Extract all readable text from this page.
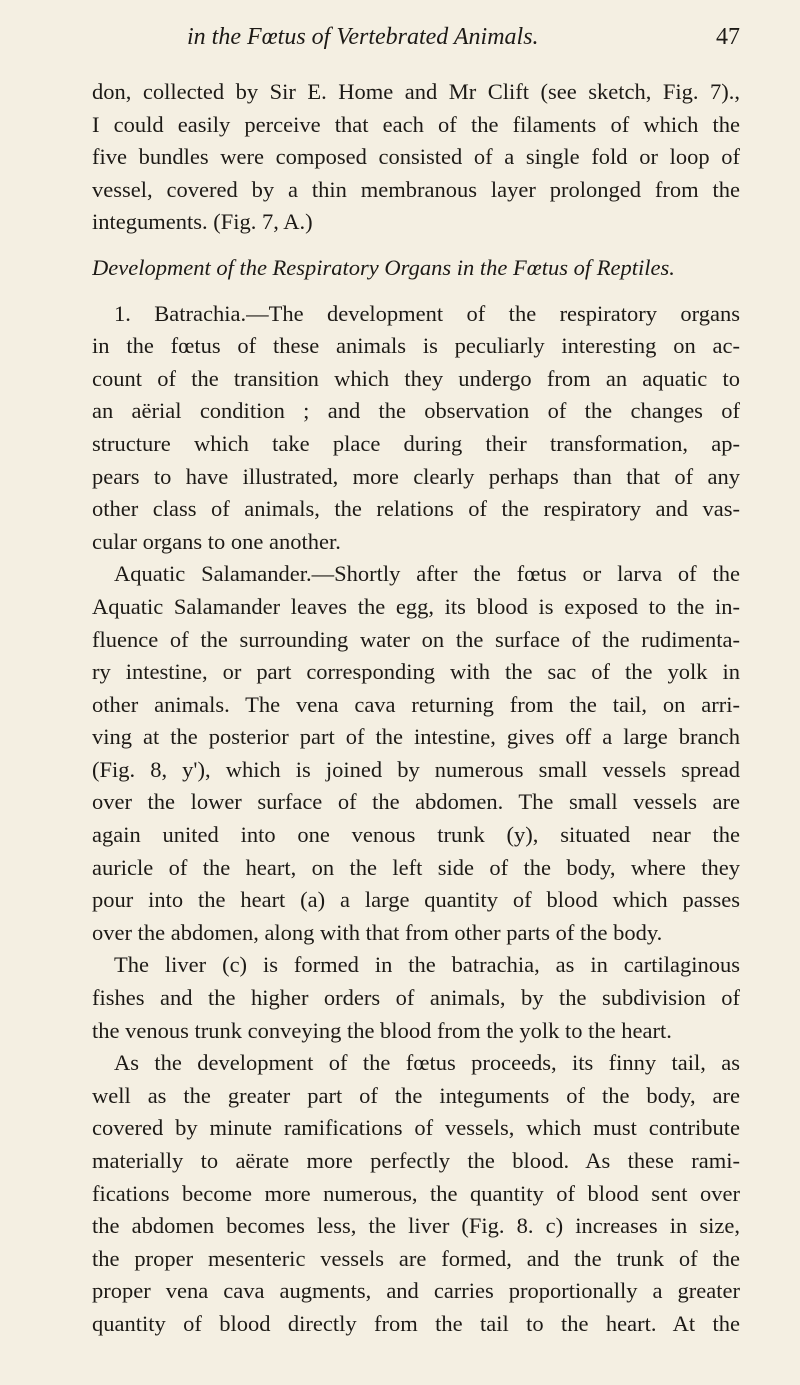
in the Fœtus of Vertebrated Animals.	47
don, collected by Sir E. Home and Mr Clift (see sketch, Fig. 7).,
I could easily perceive that each of the filaments of which the
five bundles were composed consisted of a single fold or loop of
vessel, covered by a thin membranous layer prolonged from the
integuments. (Fig. 7, A.)
Development of the Respiratory Organs in the Fœtus of Reptiles.
1. Batrachia.—The development of the respiratory organs
in the fœtus of these animals is peculiarly interesting on ac-
count of the transition which they undergo from an aquatic to
an aërial condition ; and the observation of the changes of
structure which take place during their transformation, ap-
pears to have illustrated, more clearly perhaps than that of any
other class of animals, the relations of the respiratory and vas-
cular organs to one another.
Aquatic Salamander.—Shortly after the fœtus or larva of the
Aquatic Salamander leaves the egg, its blood is exposed to the in-
fluence of the surrounding water on the surface of the rudimenta-
ry intestine, or part corresponding with the sac of the yolk in
other animals. The vena cava returning from the tail, on arri-
ving at the posterior part of the intestine, gives off a large branch
(Fig. 8, y'), which is joined by numerous small vessels spread
over the lower surface of the abdomen. The small vessels are
again united into one venous trunk (y), situated near the
auricle of the heart, on the left side of the body, where they
pour into the heart (a) a large quantity of blood which passes
over the abdomen, along with that from other parts of the body.
The liver (c) is formed in the batrachia, as in cartilaginous
fishes and the higher orders of animals, by the subdivision of
the venous trunk conveying the blood from the yolk to the heart.
As the development of the fœtus proceeds, its finny tail, as
well as the greater part of the integuments of the body, are
covered by minute ramifications of vessels, which must contribute
materially to aërate more perfectly the blood. As these rami-
fications become more numerous, the quantity of blood sent over
the abdomen becomes less, the liver (Fig. 8. c) increases in size,
the proper mesenteric vessels are formed, and the trunk of the
proper vena cava augments, and carries proportionally a greater
quantity of blood directly from the tail to the heart. At the
